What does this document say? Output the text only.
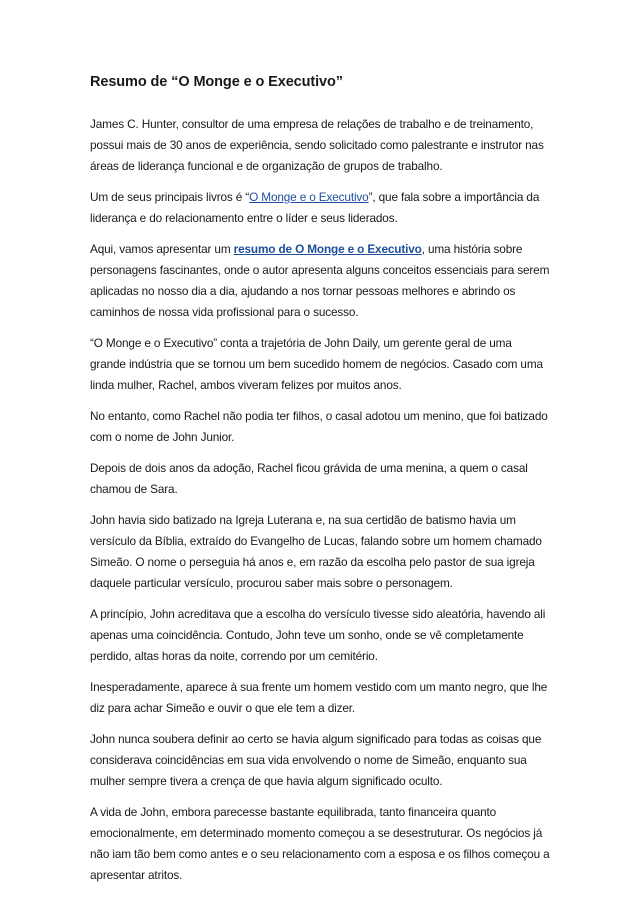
Resumo de “O Monge e o Executivo”

James C. Hunter, consultor de uma empresa de relações de trabalho e de treinamento, possui mais de 30 anos de experiência, sendo solicitado como palestrante e instrutor nas áreas de liderança funcional e de organização de grupos de trabalho.

Um de seus principais livros é “O Monge e o Executivo”, que fala sobre a importância da liderança e do relacionamento entre o líder e seus liderados.

Aqui, vamos apresentar um resumo de O Monge e o Executivo, uma história sobre personagens fascinantes, onde o autor apresenta alguns conceitos essenciais para serem aplicadas no nosso dia a dia, ajudando a nos tornar pessoas melhores e abrindo os caminhos de nossa vida profissional para o sucesso.

“O Monge e o Executivo” conta a trajetória de John Daily, um gerente geral de uma grande indústria que se tornou um bem sucedido homem de negócios. Casado com uma linda mulher, Rachel, ambos viveram felizes por muitos anos.

No entanto, como Rachel não podia ter filhos, o casal adotou um menino, que foi batizado com o nome de John Junior.

Depois de dois anos da adoção, Rachel ficou grávida de uma menina, a quem o casal chamou de Sara.

John havia sido batizado na Igreja Luterana e, na sua certidão de batismo havia um versículo da Bíblia, extraído do Evangelho de Lucas, falando sobre um homem chamado Simeão. O nome o perseguia há anos e, em razão da escolha pelo pastor de sua igreja daquele particular versículo, procurou saber mais sobre o personagem.

A princípio, John acreditava que a escolha do versículo tivesse sido aleatória, havendo ali apenas uma coincidência. Contudo, John teve um sonho, onde se vê completamente perdido, altas horas da noite, correndo por um cemitério.

Inesperadamente, aparece à sua frente um homem vestido com um manto negro, que lhe diz para achar Simeão e ouvir o que ele tem a dizer.

John nunca soubera definir ao certo se havia algum significado para todas as coisas que considerava coincidências em sua vida envolvendo o nome de Simeão, enquanto sua mulher sempre tivera a crença de que havia algum significado oculto.

A vida de John, embora parecesse bastante equilibrada, tanto financeira quanto emocionalmente, em determinado momento começou a se desestruturar. Os negócios já não iam tão bem como antes e o seu relacionamento com a esposa e os filhos começou a apresentar atritos.
